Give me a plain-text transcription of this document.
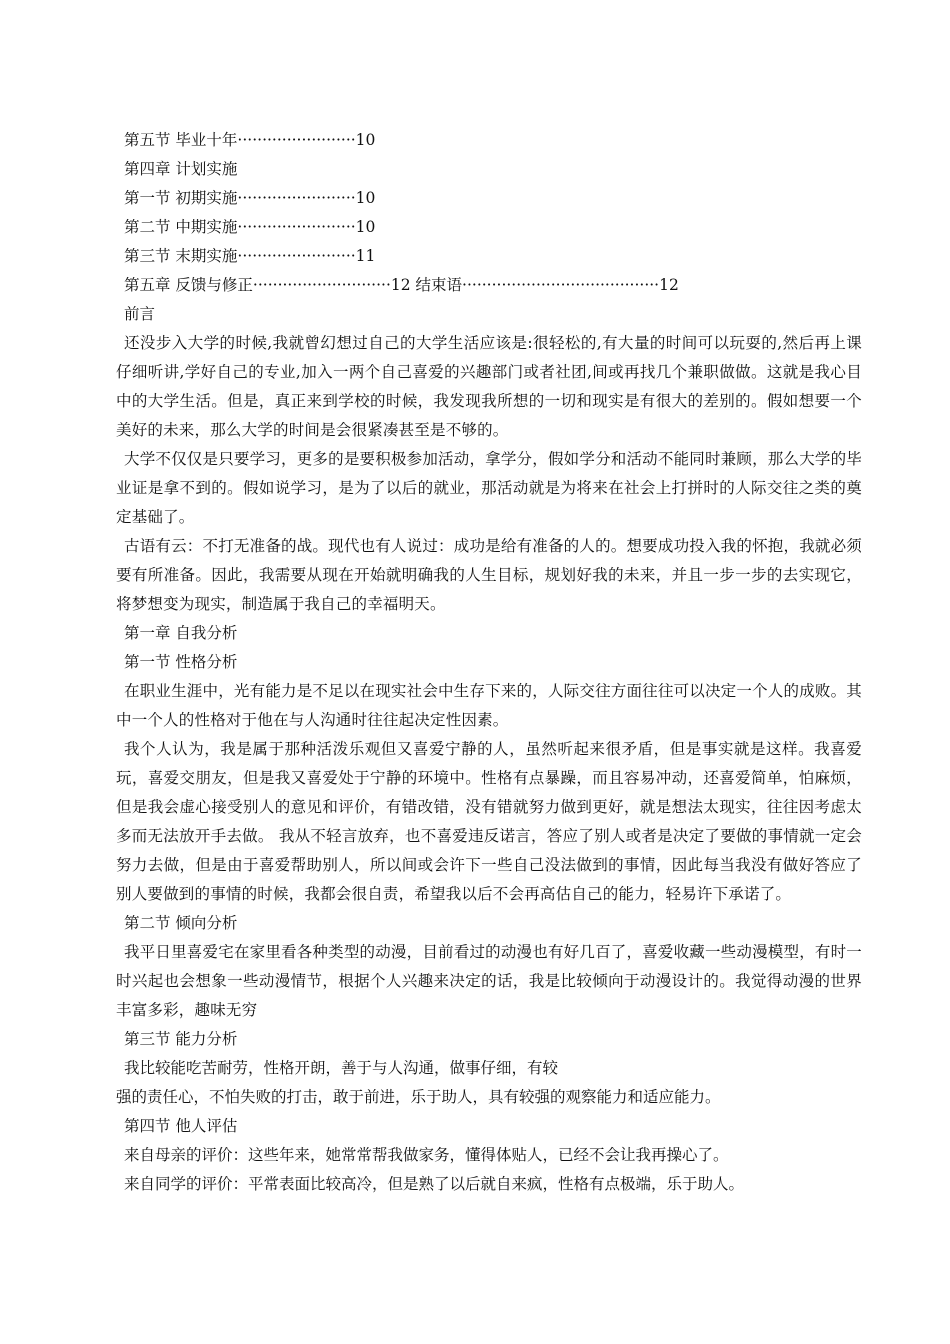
第五节 毕业十年························10

第四章 计划实施

第一节 初期实施························10

第二节 中期实施························10

第三节 末期实施························11

第五章 反馈与修正····························12 结束语········································12

前言

还没步入大学的时候,我就曾幻想过自己的大学生活应该是:很轻松的,有大量的时间可以玩耍的,然后再上课仔细听讲,学好自己的专业,加入一两个自己喜爱的兴趣部门或者社团,间或再找几个兼职做做。这就是我心目中的大学生活。但是，真正来到学校的时候，我发现我所想的一切和现实是有很大的差别的。假如想要一个美好的未来，那么大学的时间是会很紧凑甚至是不够的。

大学不仅仅是只要学习，更多的是要积极参加活动，拿学分，假如学分和活动不能同时兼顾，那么大学的毕业证是拿不到的。假如说学习，是为了以后的就业，那活动就是为将来在社会上打拼时的人际交往之类的奠定基础了。

古语有云：不打无准备的战。现代也有人说过：成功是给有准备的人的。想要成功投入我的怀抱，我就必须要有所准备。因此，我需要从现在开始就明确我的人生目标，规划好我的未来，并且一步一步的去实现它，将梦想变为现实，制造属于我自己的幸福明天。

第一章 自我分析

第一节 性格分析

在职业生涯中，光有能力是不足以在现实社会中生存下来的，人际交往方面往往可以决定一个人的成败。其中一个人的性格对于他在与人沟通时往往起决定性因素。

我个人认为，我是属于那种活泼乐观但又喜爱宁静的人，虽然听起来很矛盾，但是事实就是这样。我喜爱玩，喜爱交朋友，但是我又喜爱处于宁静的环境中。性格有点暴躁，而且容易冲动，还喜爱简单，怕麻烦，但是我会虚心接受别人的意见和评价，有错改错，没有错就努力做到更好，就是想法太现实，往往因考虑太多而无法放开手去做。 我从不轻言放弃，也不喜爱违反诺言，答应了别人或者是决定了要做的事情就一定会努力去做，但是由于喜爱帮助别人，所以间或会许下一些自己没法做到的事情，因此每当我没有做好答应了别人要做到的事情的时候，我都会很自责，希望我以后不会再高估自己的能力，轻易许下承诺了。

第二节 倾向分析

我平日里喜爱宅在家里看各种类型的动漫，目前看过的动漫也有好几百了，喜爱收藏一些动漫模型，有时一时兴起也会想象一些动漫情节，根据个人兴趣来决定的话，我是比较倾向于动漫设计的。我觉得动漫的世界丰富多彩，趣味无穷

第三节 能力分析

我比较能吃苦耐劳，性格开朗，善于与人沟通，做事仔细，有较

强的责任心，不怕失败的打击，敢于前进，乐于助人，具有较强的观察能力和适应能力。

第四节 他人评估

来自母亲的评价：这些年来，她常常帮我做家务，懂得体贴人，已经不会让我再操心了。

来自同学的评价：平常表面比较高冷，但是熟了以后就自来疯，性格有点极端，乐于助人。
